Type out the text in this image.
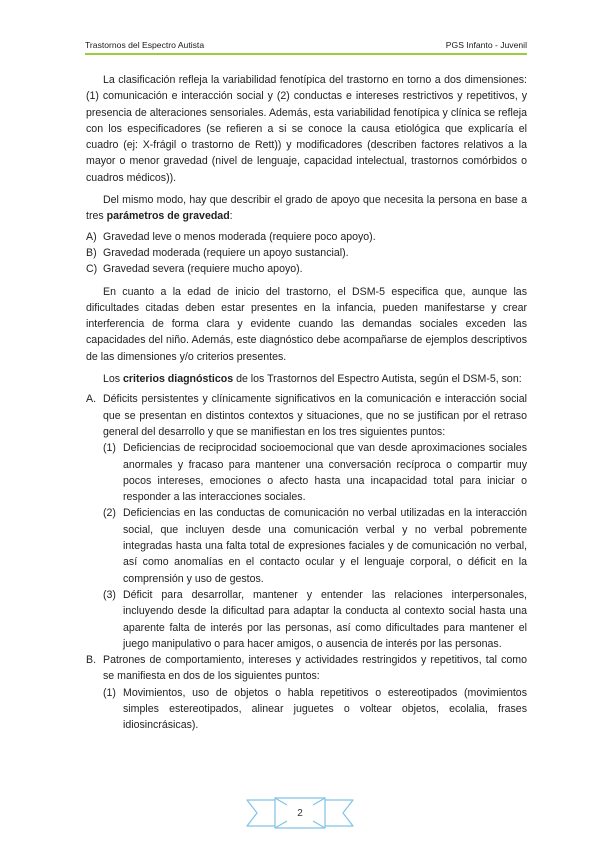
Trastornos del Espectro Autista	PGS Infanto - Juvenil

La clasificación refleja la variabilidad fenotípica del trastorno en torno a dos dimensiones: (1) comunicación e interacción social y (2) conductas e intereses restrictivos y repetitivos, y presencia de alteraciones sensoriales. Además, esta variabilidad fenotípica y clínica se refleja con los especificadores (se refieren a si se conoce la causa etiológica que explicaría el cuadro (ej: X-frágil o trastorno de Rett)) y modificadores (describen factores relativos a la mayor o menor gravedad (nivel de lenguaje, capacidad intelectual, trastornos comórbidos o cuadros médicos)).

Del mismo modo, hay que describir el grado de apoyo que necesita la persona en base a tres parámetros de gravedad:

A) Gravedad leve o menos moderada (requiere poco apoyo).
B) Gravedad moderada (requiere un apoyo sustancial).
C) Gravedad severa (requiere mucho apoyo).

En cuanto a la edad de inicio del trastorno, el DSM-5 especifica que, aunque las dificultades citadas deben estar presentes en la infancia, pueden manifestarse y crear interferencia de forma clara y evidente cuando las demandas sociales exceden las capacidades del niño. Además, este diagnóstico debe acompañarse de ejemplos descriptivos de las dimensiones y/o criterios presentes.

Los criterios diagnósticos de los Trastornos del Espectro Autista, según el DSM-5, son:

A. Déficits persistentes y clínicamente significativos en la comunicación e interacción social que se presentan en distintos contextos y situaciones, que no se justifican por el retraso general del desarrollo y que se manifiestan en los tres siguientes puntos:
(1) Deficiencias de reciprocidad socioemocional que van desde aproximaciones sociales anormales y fracaso para mantener una conversación recíproca o compartir muy pocos intereses, emociones o afecto hasta una incapacidad total para iniciar o responder a las interacciones sociales.
(2) Deficiencias en las conductas de comunicación no verbal utilizadas en la interacción social, que incluyen desde una comunicación verbal y no verbal pobremente integradas hasta una falta total de expresiones faciales y de comunicación no verbal, así como anomalías en el contacto ocular y el lenguaje corporal, o déficit en la comprensión y uso de gestos.
(3) Déficit para desarrollar, mantener y entender las relaciones interpersonales, incluyendo desde la dificultad para adaptar la conducta al contexto social hasta una aparente falta de interés por las personas, así como dificultades para mantener el juego manipulativo o para hacer amigos, o ausencia de interés por las personas.
B. Patrones de comportamiento, intereses y actividades restringidos y repetitivos, tal como se manifiesta en dos de los siguientes puntos:
(1) Movimientos, uso de objetos o habla repetitivos o estereotipados (movimientos simples estereotipados, alinear juguetes o voltear objetos, ecolalia, frases idiosincrásicas).
2
